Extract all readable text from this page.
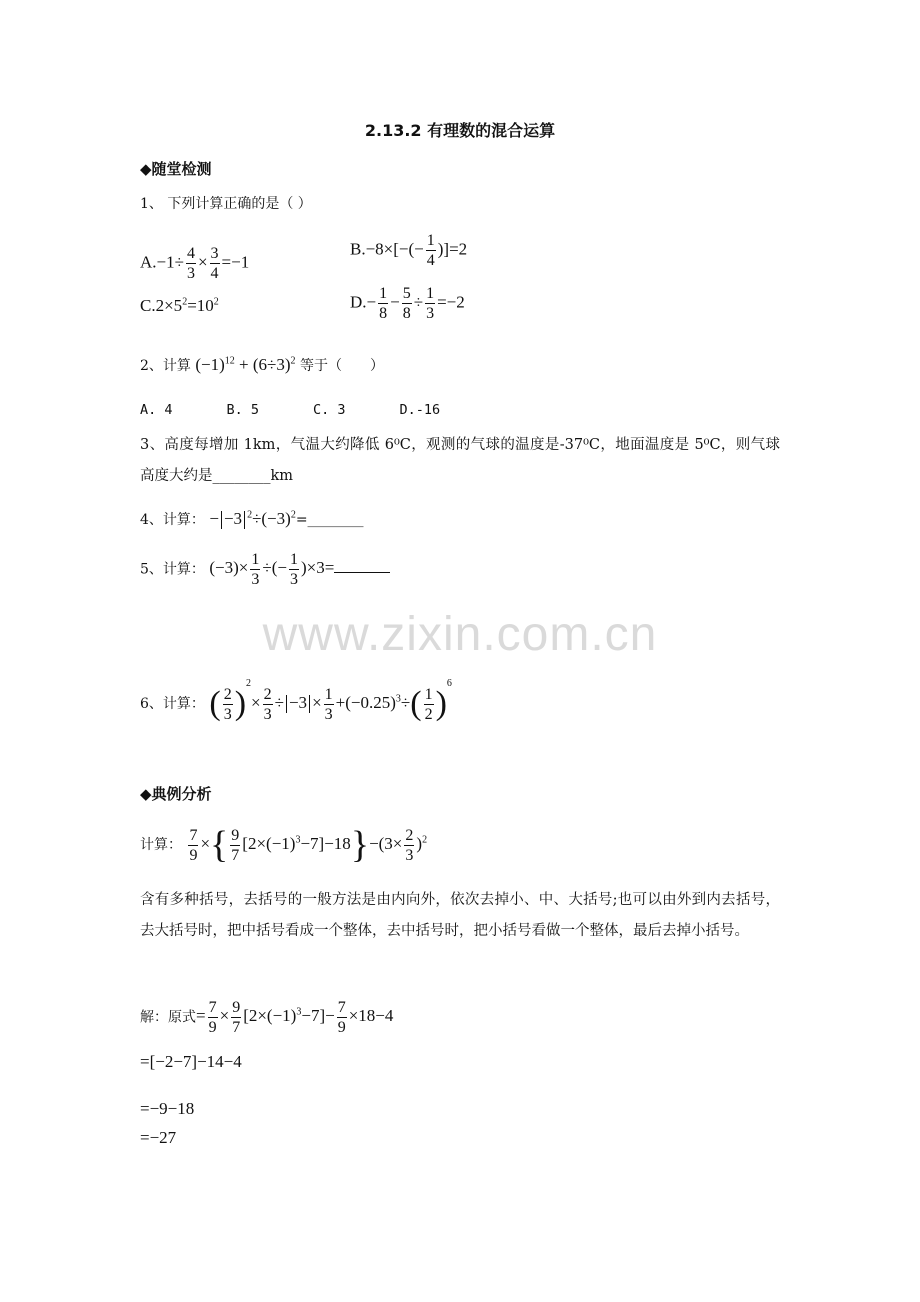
2.13.2 有理数的混合运算
◆随堂检测
1、 下列计算正确的是（ ）
$A.-1\div \frac{4}{3} \times \frac{3}{4} =-1$
$B.-8\times[-(- \frac{1}{4} )]=2$
$C.2\times 5^2=10^2$	$D.- \frac{1}{8} - \frac{5}{8} \div \frac{1}{3} =-2$
2、计算 $(-1)^{12} + (6\div 3)^2$ 等于（　　）
A. 4　　　　B. 5　　　　C. 3　　　　D.-16
3、高度每增加 1km，气温大约降低 6⁰C，观测的气球的温度是-37⁰C，地面温度是 5⁰C，则气球高度大约是________km
4、计算： − −3 $^2\div(-3)^2=\_\_\_\_\_\_\_\_$
5、计算： $(-3)\times \frac{1}{3}$ ÷(− $\frac{1}{3} )\times 3=$
www.zixin.com.cn
6、计算： ( $\frac{2}{3} )^2\times \frac{2}{3} \div -3 \times \frac{1}{3} +(-0.25)^3\div( \frac{1}{2} )^6$
◆典例分析
计算： $\frac{7}{9}$ ×{ $\frac{9}{7} [2\times(-1)^3-7]-18\}-(3\times \frac{2}{3} )^2$
含有多种括号，去括号的一般方法是由内向外，依次去掉小、中、大括号;也可以由外到内去括号，去大括号时，把中括号看成一个整体，去中括号时，把小括号看做一个整体，最后去掉小括号。
解：原式= $\frac{7}{9} \times \frac{9}{7} [2\times(-1)^3-7]- \frac{7}{9} \times 18-4$
=[−2−7]−14−4
=−9−18
=−27
